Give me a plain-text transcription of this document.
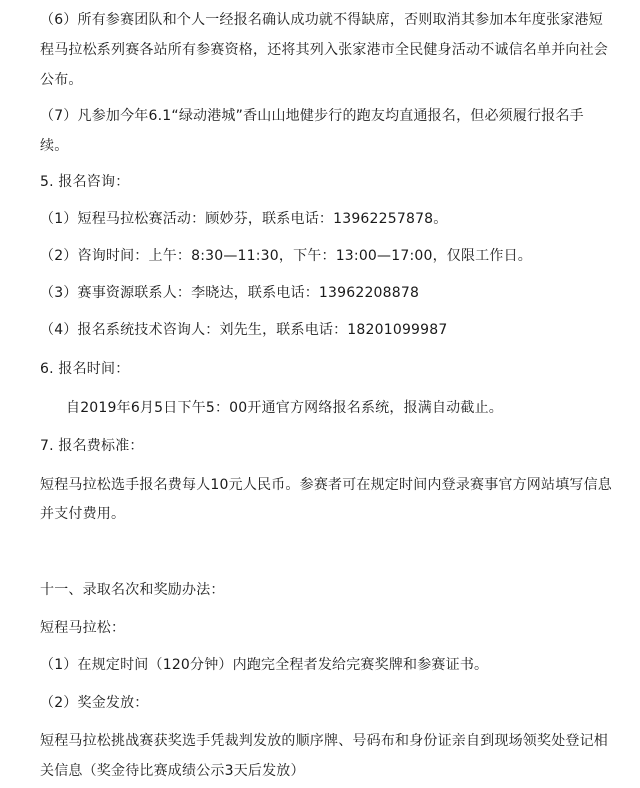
（6）所有参赛团队和个人一经报名确认成功就不得缺席，否则取消其参加本年度张家港短
程马拉松系列赛各站所有参赛资格，还将其列入张家港市全民健身活动不诚信名单并向社会
公布。
（7）凡参加今年6.1“绿动港城”香山山地健步行的跑友均直通报名，但必须履行报名手
续。
5. 报名咨询：
（1）短程马拉松赛活动：顾妙芬，联系电话：13962257878。
（2）咨询时间：上午：8:30—11:30，下午：13:00—17:00，仅限工作日。
（3）赛事资源联系人：李晓达，联系电话：13962208878
（4）报名系统技术咨询人：刘先生，联系电话：18201099987
6. 报名时间：
自2019年6月5日下午5：00开通官方网络报名系统，报满自动截止。
7. 报名费标准：
短程马拉松选手报名费每人10元人民币。参赛者可在规定时间内登录赛事官方网站填写信息
并支付费用。
十一、录取名次和奖励办法：
短程马拉松：
（1）在规定时间（120分钟）内跑完全程者发给完赛奖牌和参赛证书。
（2）奖金发放：
短程马拉松挑战赛获奖选手凭裁判发放的顺序牌、号码布和身份证亲自到现场领奖处登记相
关信息（奖金待比赛成绩公示3天后发放）
